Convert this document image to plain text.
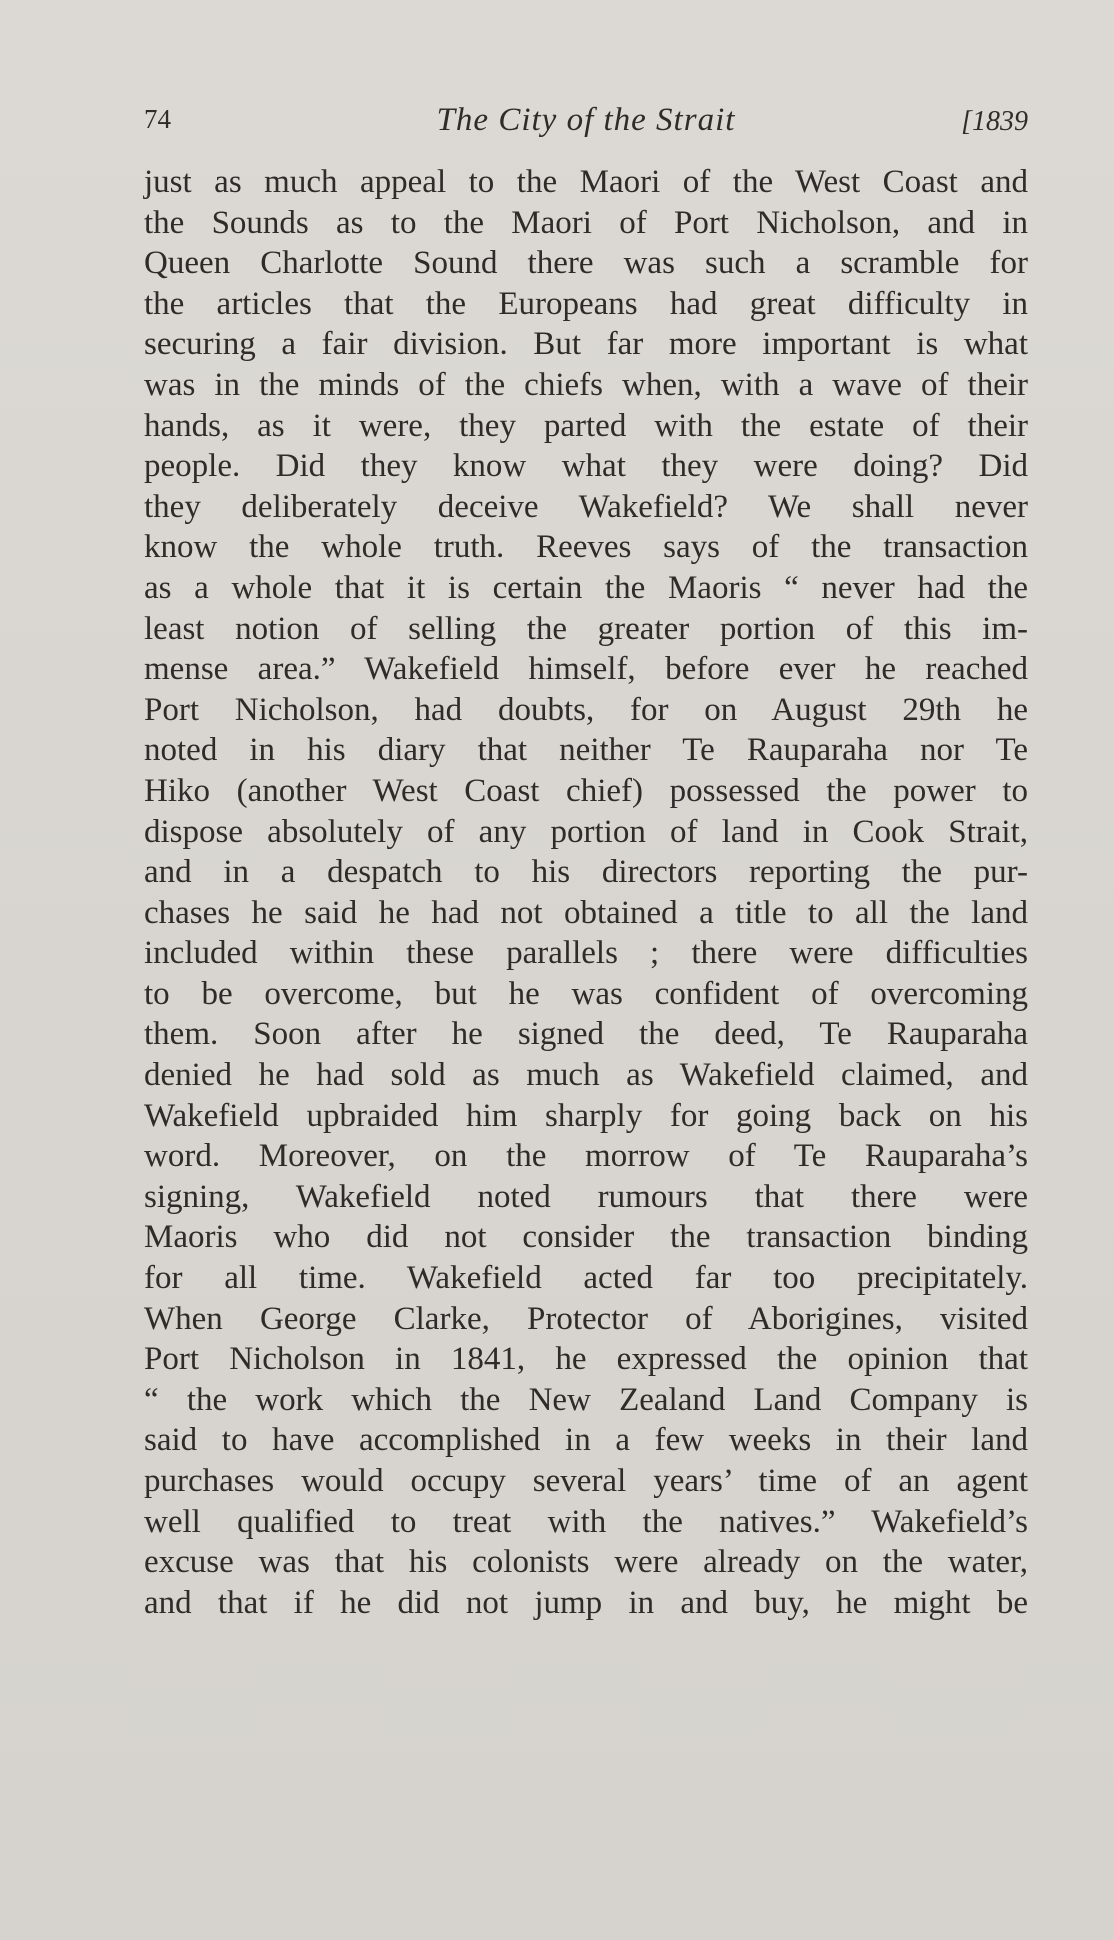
74	The City of the Strait	[1839
just as much appeal to the Maori of the West Coast and
the Sounds as to the Maori of Port Nicholson, and in
Queen Charlotte Sound there was such a scramble for
the articles that the Europeans had great difficulty in
securing a fair division. But far more important is what
was in the minds of the chiefs when, with a wave of their
hands, as it were, they parted with the estate of their
people. Did they know what they were doing? Did
they deliberately deceive Wakefield? We shall never
know the whole truth. Reeves says of the transaction
as a whole that it is certain the Maoris “ never had the
least notion of selling the greater portion of this im-
mense area.” Wakefield himself, before ever he reached
Port Nicholson, had doubts, for on August 29th he
noted in his diary that neither Te Rauparaha nor Te
Hiko (another West Coast chief) possessed the power to
dispose absolutely of any portion of land in Cook Strait,
and in a despatch to his directors reporting the pur-
chases he said he had not obtained a title to all the land
included within these parallels ; there were difficulties
to be overcome, but he was confident of overcoming
them. Soon after he signed the deed, Te Rauparaha
denied he had sold as much as Wakefield claimed, and
Wakefield upbraided him sharply for going back on his
word. Moreover, on the morrow of Te Rauparaha’s
signing, Wakefield noted rumours that there were
Maoris who did not consider the transaction binding
for all time. Wakefield acted far too precipitately.
When George Clarke, Protector of Aborigines, visited
Port Nicholson in 1841, he expressed the opinion that
“ the work which the New Zealand Land Company is
said to have accomplished in a few weeks in their land
purchases would occupy several years’ time of an agent
well qualified to treat with the natives.” Wakefield’s
excuse was that his colonists were already on the water,
and that if he did not jump in and buy, he might be
